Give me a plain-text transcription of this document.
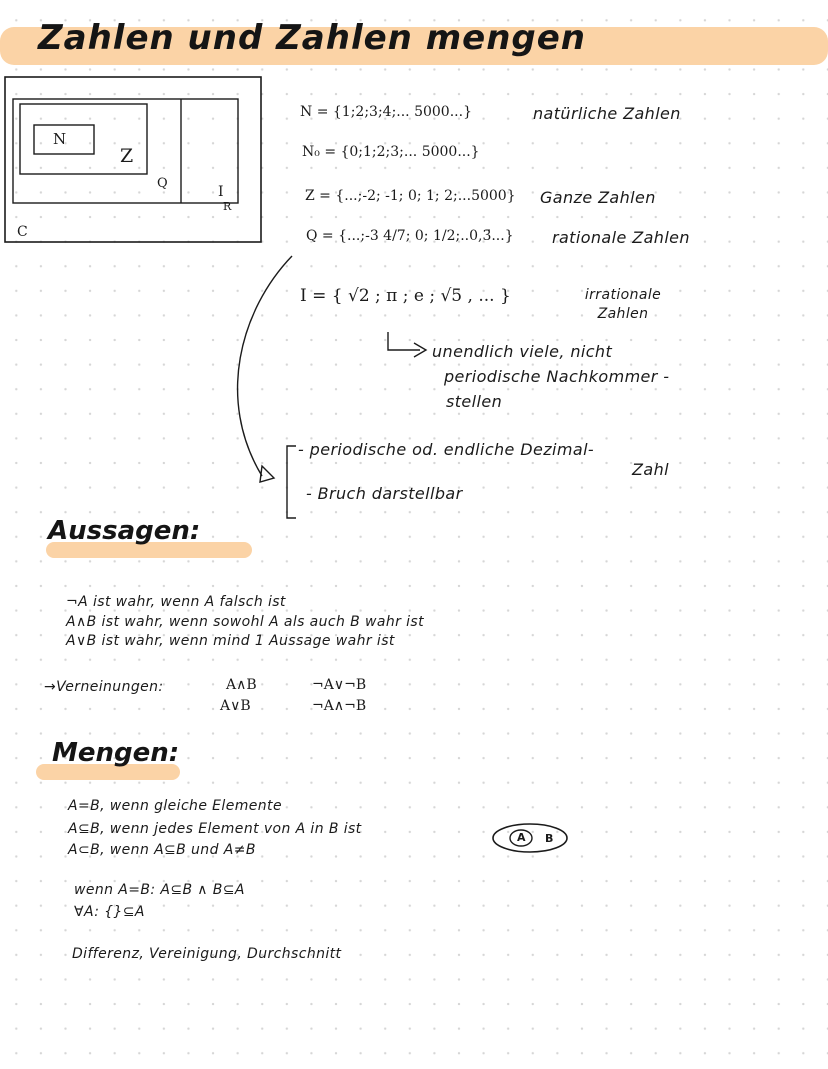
Zahlen und Zahlen mengen
N
Z
Q
I
R
C
N = {1;2;3;4;... 5000...}	natürliche Zahlen
N₀ = {0;1;2;3;... 5000...}
Z = {...;-2; -1; 0; 1; 2;...5000} Ganze Zahlen
Q = {...;-3 4/7; 0; 1/2;..0,3̄...} rationale Zahlen
I = { √2 ; π ; e ; √5 , ... }	irrationale Zahlen
unendlich viele, nicht
periodische Nachkommer -
stellen
- periodische od. endliche Dezimal-
Zahl
- Bruch darstellbar
Aussagen:
¬A ist wahr, wenn A falsch ist
A∧B ist wahr, wenn sowohl A als auch B wahr ist
A∨B ist wahr, wenn mind 1 Aussage wahr ist
→Verneinungen:	A∧B	¬A∨¬B
A∨B	¬A∧¬B
Mengen:
A=B, wenn gleiche Elemente
A⊆B, wenn jedes Element von A in B ist
A⊂B, wenn A⊆B und A≠B
A B
wenn A=B: A⊆B ∧ B⊆A
∀A: {}⊆A
Differenz, Vereinigung, Durchschnitt
